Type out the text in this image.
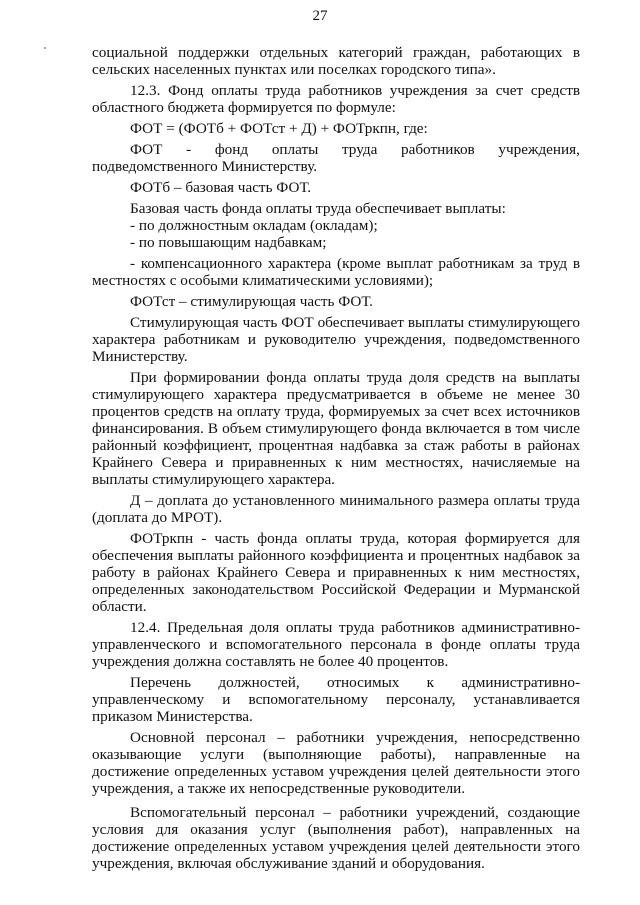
27

социальной поддержки отдельных категорий граждан, работающих в сельских населенных пунктах или поселках городского типа».

12.3. Фонд оплаты труда работников учреждения за счет средств областного бюджета формируется по формуле:

ФОТ = (ФОТб + ФОТст + Д) + ФОТркпн, где:

ФОТ - фонд оплаты труда работников учреждения,

подведомственного Министерству.

ФОТб – базовая часть ФОТ.

Базовая часть фонда оплаты труда обеспечивает выплаты:

- по должностным окладам (окладам);

- по повышающим надбавкам;

- компенсационного характера (кроме выплат работникам за труд в местностях с особыми климатическими условиями);

ФОТст – стимулирующая часть ФОТ.

Стимулирующая часть ФОТ обеспечивает выплаты стимулирующего характера работникам и руководителю учреждения, подведомственного Министерству.

При формировании фонда оплаты труда доля средств на выплаты стимулирующего характера предусматривается в объеме не менее 30 процентов средств на оплату труда, формируемых за счет всех источников финансирования. В объем стимулирующего фонда включается в том числе районный коэффициент, процентная надбавка за стаж работы в районах Крайнего Севера и приравненных к ним местностях, начисляемые на выплаты стимулирующего характера.

Д – доплата до установленного минимального размера оплаты труда (доплата до МРОТ).

ФОТркпн - часть фонда оплаты труда, которая формируется для обеспечения выплаты районного коэффициента и процентных надбавок за работу в районах Крайнего Севера и приравненных к ним местностях, определенных законодательством Российской Федерации и Мурманской области.

12.4. Предельная доля оплаты труда работников административно-управленческого и вспомогательного персонала в фонде оплаты труда учреждения должна составлять не более 40 процентов.

Перечень должностей, относимых к административно-управленческому и вспомогательному персоналу, устанавливается приказом Министерства.

Основной персонал – работники учреждения, непосредственно оказывающие услуги (выполняющие работы), направленные на достижение определенных уставом учреждения целей деятельности этого учреждения, а также их непосредственные руководители.

Вспомогательный персонал – работники учреждений, создающие условия для оказания услуг (выполнения работ), направленных на достижение определенных уставом учреждения целей деятельности этого учреждения, включая обслуживание зданий и оборудования.
